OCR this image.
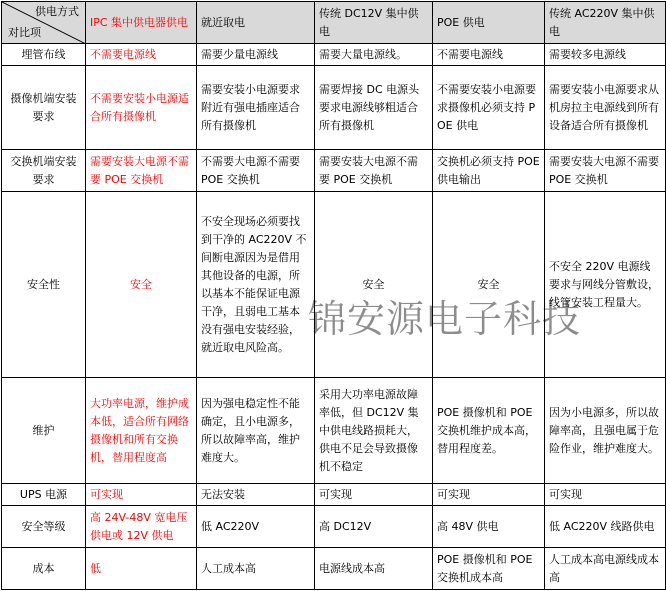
供电方式
对比项	IPC 集中供电器供电	就近取电	传统 DC12V 集中供电	POE 供电	传统 AC220V 集中供电
埋管布线	不需要电源线	需要少量电源线	需要大量电源线。	不需要电源线	需要较多电源线
摄像机端安装要求	不需要安装小电源适合所有摄像机	需要安装小电源要求附近有强电插座适合所有摄像机	需要焊接 DC 电源头要求电源线够粗适合所有摄像机	不需要安装小电源要求摄像机必须支持 POE 供电	需要安装小电源要求从机房拉主电源线到所有设备适合所有摄像机
交换机端安装要求	需要安装大电源不需要 POE 交换机	不需要大电源不需要 POE 交换机	需要安装大电源不需要 POE 交换机	交换机必须支持 POE 供电输出	需要安装大电源不需要 POE 交换机
安全性	安全	不安全现场必须要找到干净的 AC220V 不间断电源因为是借用其他设备的电源，所以基本不能保证电源干净，且弱电工基本没有强电安装经验，就近取电风险高。	安全	安全	不安全 220V 电源线要求与网线分管敷设，线管安装工程量大。
维护	大功率电源，维护成本低，适合所有网络摄像机和所有交换机，替用程度高	因为强电稳定性不能确定，且小电源多，所以故障率高，维护难度大。	采用大功率电源故障率低，但 DC12V 集中供电线路损耗大，供电不足会导致摄像机不稳定	POE 摄像机和 POE 交换机维护成本高，替用程度差。	因为小电源多，所以故障率高，且强电属于危险作业，维护难度大。
UPS 电源	可实现	无法安装	可实现	可实现	可实现
安全等级	高 24V-48V 宽电压供电或 12V 供电	低 AC220V	高 DC12V	高 48V 供电	低 AC220V 线路供电
成本	低	人工成本高	电源线成本高	POE 摄像机和 POE 交换机成本高	人工成本高电源线成本高
锦安源电子科技
